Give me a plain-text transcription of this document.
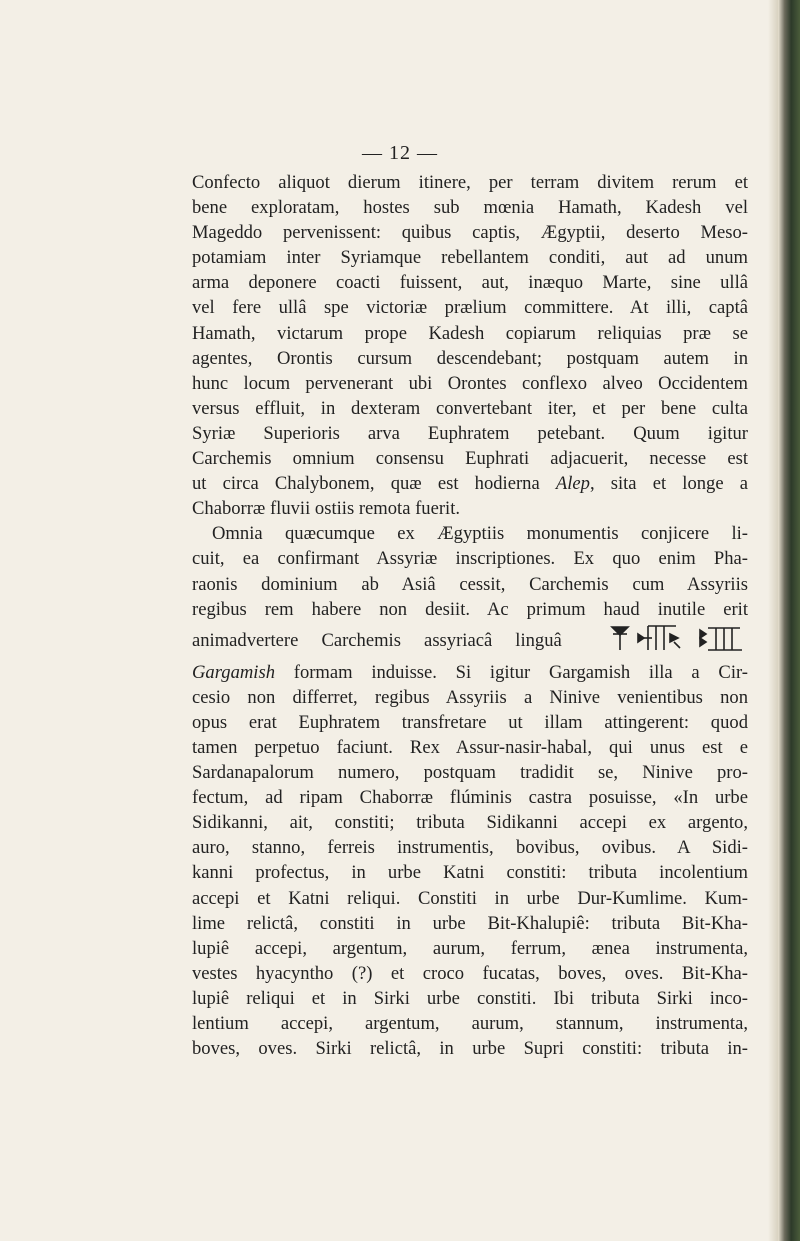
— 12 —
Confecto aliquot dierum itinere, per terram divitem rerum et
bene exploratam, hostes sub mœnia Hamath, Kadesh vel
Mageddo pervenissent: quibus captis, Ægyptii, deserto Meso-
potamiam inter Syriamque rebellantem conditi, aut ad unum
arma deponere coacti fuissent, aut, inæquo Marte, sine ullâ
vel fere ullâ spe victoriæ prælium committere. At illi, captâ
Hamath, victarum prope Kadesh copiarum reliquias præ se
agentes, Orontis cursum descendebant; postquam autem in
hunc locum pervenerant ubi Orontes conflexo alveo Occidentem
versus effluit, in dexteram convertebant iter, et per bene culta
Syriæ Superioris arva Euphratem petebant. Quum igitur
Carchemis omnium consensu Euphrati adjacuerit, necesse est
ut circa Chalybonem, quæ est hodierna Alep, sita et longe a
Chaborræ fluvii ostiis remota fuerit.
Omnia quæcumque ex Ægyptiis monumentis conjicere li-
cuit, ea confirmant Assyriæ inscriptiones. Ex quo enim Pha-
raonis dominium ab Asiâ cessit, Carchemis cum Assyriis
regibus rem habere non desiit. Ac primum haud inutile erit
animadvertere Carchemis assyriacâ linguâ
Gargamish formam induisse. Si igitur Gargamish illa a Cir-
cesio non differret, regibus Assyriis a Ninive venientibus non
opus erat Euphratem transfretare ut illam attingerent: quod
tamen perpetuo faciunt. Rex Assur-nasir-habal, qui unus est e
Sardanapalorum numero, postquam tradidit se, Ninive pro-
fectum, ad ripam Chaborræ flúminis castra posuisse, «In urbe
Sidikanni, ait, constiti; tributa Sidikanni accepi ex argento,
auro, stanno, ferreis instrumentis, bovibus, ovibus. A Sidi-
kanni profectus, in urbe Katni constiti: tributa incolentium
accepi et Katni reliqui. Constiti in urbe Dur-Kumlime. Kum-
lime relictâ, constiti in urbe Bit-Khalupiê: tributa Bit-Kha-
lupiê accepi, argentum, aurum, ferrum, ænea instrumenta,
vestes hyacyntho (?) et croco fucatas, boves, oves. Bit-Kha-
lupiê reliqui et in Sirki urbe constiti. Ibi tributa Sirki inco-
lentium accepi, argentum, aurum, stannum, instrumenta,
boves, oves. Sirki relictâ, in urbe Supri constiti: tributa in-
